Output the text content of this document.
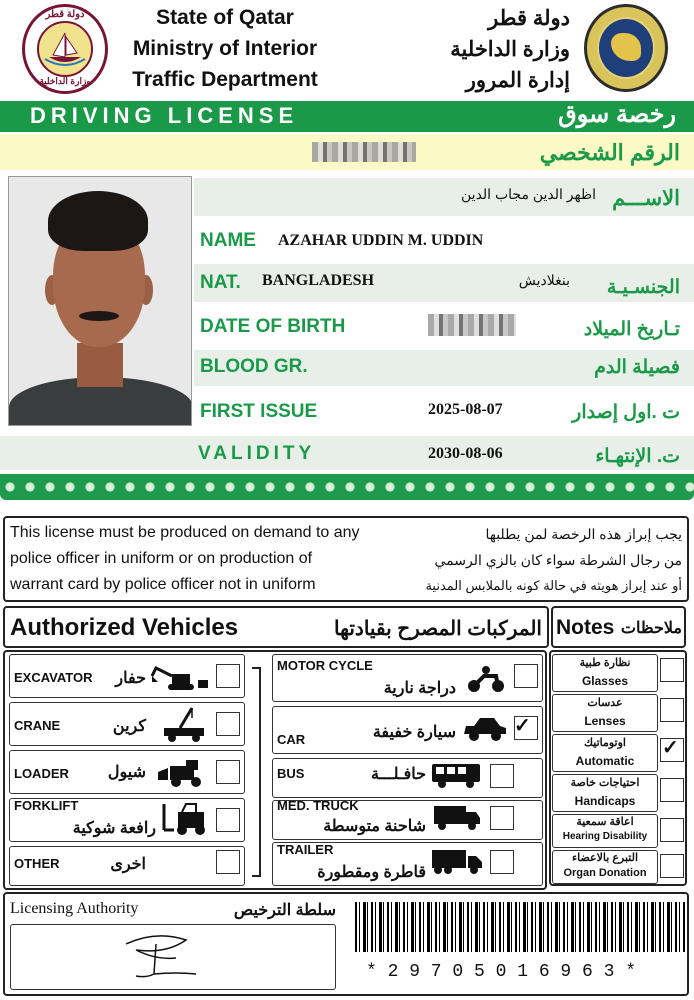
دولة قطر
وزارة الداخلية
State of Qatar
Ministry of Interior
Traffic Department
دولة قطر
وزارة الداخلية
إدارة المرور
DRIVING LICENSE	رخصة سوق
الرقم الشخصي
اظهر الدين مجاب الدين الاســـم
NAME AZAHAR UDDIN M. UDDIN
NAT. BANGLADESH	بنغلاديش	الجنسـيـة
DATE OF BIRTH	تـاريخ الميلاد
BLOOD GR.	فصيلة الدم
FIRST ISSUE	2025-08-07	ت .اول إصدار
VALIDITY	2030-08-06	ت. الإنتهـاء
This license must be produced on demand to any
police officer in uniform or on production of
warrant card by police officer not in uniform
يجب إبراز هذه الرخصة لمن يطلبها
من رجال الشرطة سواء كان بالزي الرسمي
أو عند إبراز هويته في حالة كونه بالملابس المدنية
Authorized Vehicles	المركبات المصرح بقيادتها Notes ملاحظات
EXCAVATOR	حفار
CRANE	كرين
LOADER	شيول
FORKLIFT
رافعة شوكية
OTHER	اخرى
MOTOR CYCLE
دراجة نارية
CAR	سيارة خفيفة	✓
BUS	حافـلـــة
MED. TRUCK
شاحنة متوسطة
TRAILER
قاطرة ومقطورة
نظارة طبية
Glasses
عدسات
Lenses
اوتوماتيك
Automatic
✓
احتياجات خاصة
Handicaps
اعاقة سمعية
Hearing Disability
التبرع بالاعضاء
Organ Donation
Licensing Authority	سلطة الترخيص
* 2 9 7 0 5 0 1 6 9 6 3 *
